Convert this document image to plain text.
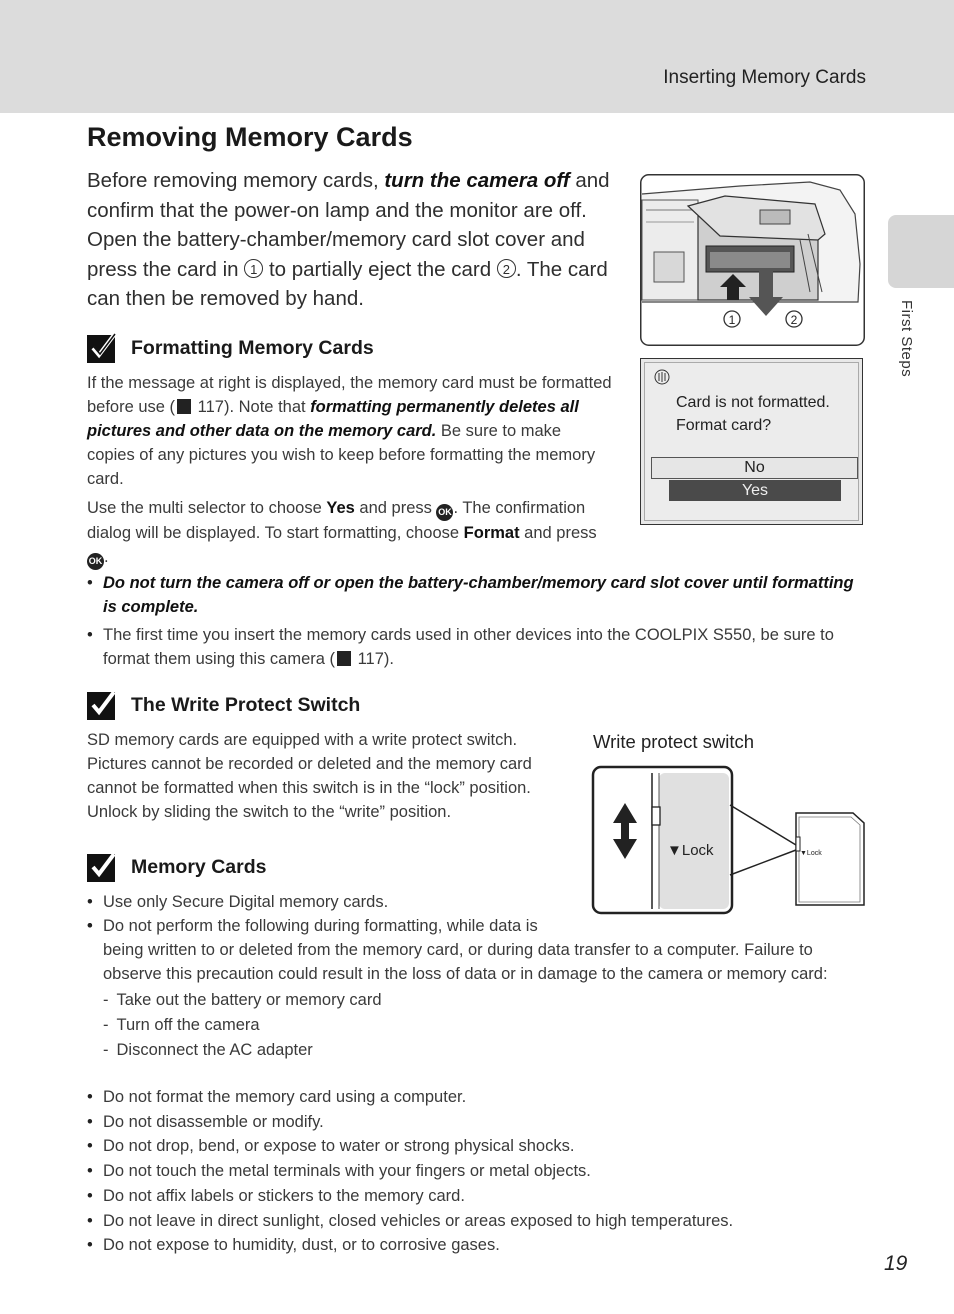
Inserting Memory Cards
First Steps
Removing Memory Cards
Before removing memory cards, turn the camera off and confirm that the power-on lamp and the monitor are off. Open the battery-chamber/memory card slot cover and press the card in 1 to partially eject the card 2 . The card can then be removed by hand.
1	2
Formatting Memory Cards
If the message at right is displayed, the memory card must be formatted before use ( 117). Note that formatting permanently deletes all pictures and other data on the memory card. Be sure to make copies of any pictures you wish to keep before formatting the memory card.
Use the multi selector to choose Yes and press OK . The confirmation dialog will be displayed. To start formatting, choose Format and press OK .
• Do not turn the camera off or open the battery-chamber/memory card slot cover until formatting is complete.
• The first time you insert the memory cards used in other devices into the COOLPIX S550, be sure to format them using this camera ( 117).
Card is not formatted.
Format card?
No
Yes
The Write Protect Switch
SD memory cards are equipped with a write protect switch. Pictures cannot be recorded or deleted and the memory card cannot be formatted when this switch is in the “lock” position. Unlock by sliding the switch to the “write” position.
Write protect switch
▼Lock	▼Lock
Memory Cards
• Use only Secure Digital memory cards.
• Do not perform the following during formatting, while data is being written to or deleted from the memory card, or during data transfer to a computer. Failure to observe this precaution could result in the loss of data or in damage to the camera or memory card:
- Take out the battery or memory card
- Turn off the camera
- Disconnect the AC adapter
• Do not format the memory card using a computer.
• Do not disassemble or modify.
• Do not drop, bend, or expose to water or strong physical shocks.
• Do not touch the metal terminals with your fingers or metal objects.
• Do not affix labels or stickers to the memory card.
• Do not leave in direct sunlight, closed vehicles or areas exposed to high temperatures.
• Do not expose to humidity, dust, or to corrosive gases.
19
